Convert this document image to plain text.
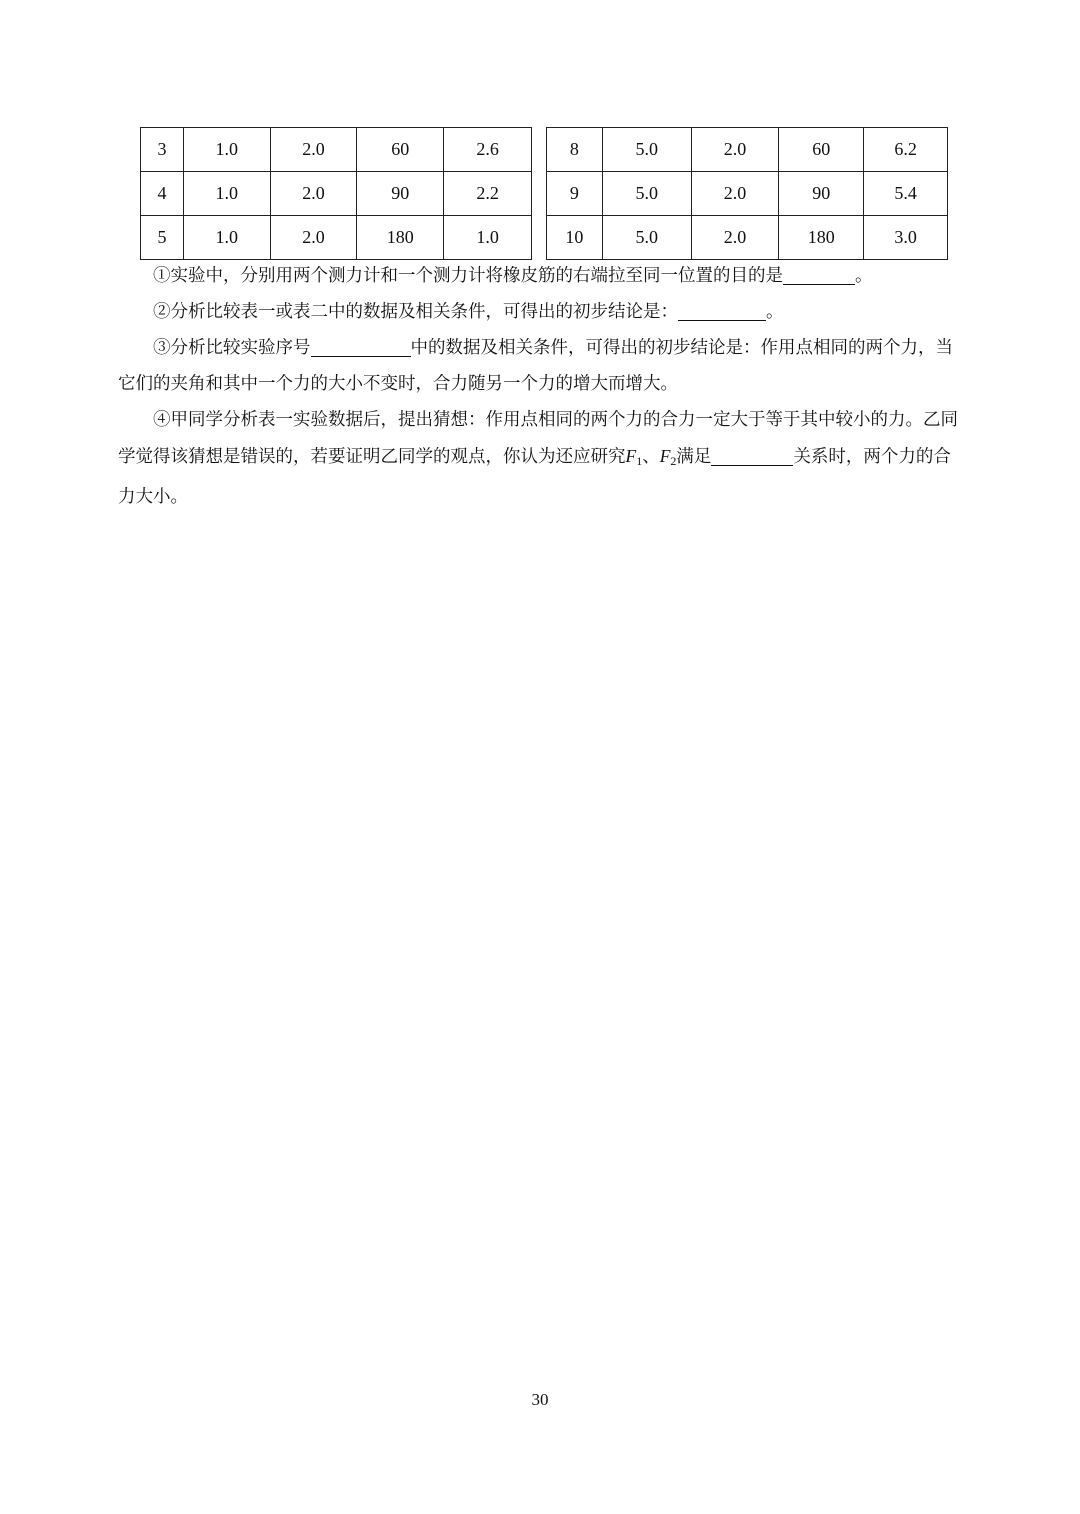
3	1.0	2.0	60	2.6
4	1.0	2.0	90	2.2
5	1.0	2.0	180	1.0
8	5.0	2.0	60	6.2
9	5.0	2.0	90	5.4
10	5.0	2.0	180	3.0

①实验中，分别用两个测力计和一个测力计将橡皮筋的右端拉至同一位置的目的是	。

②分析比较表一或表二中的数据及相关条件，可得出的初步结论是：	。

③分析比较实验序号	中的数据及相关条件，可得出的初步结论是：作用点相同的两个力，当它们的夹角和其中一个力的大小不变时，合力随另一个力的增大而增大。

④甲同学分析表一实验数据后，提出猜想：作用点相同的两个力的合力一定大于等于其中较小的力。乙同学觉得该猜想是错误的，若要证明乙同学的观点，你认为还应研究$F_1$、$F_2$满足	关系时，两个力的合力大小。

30
